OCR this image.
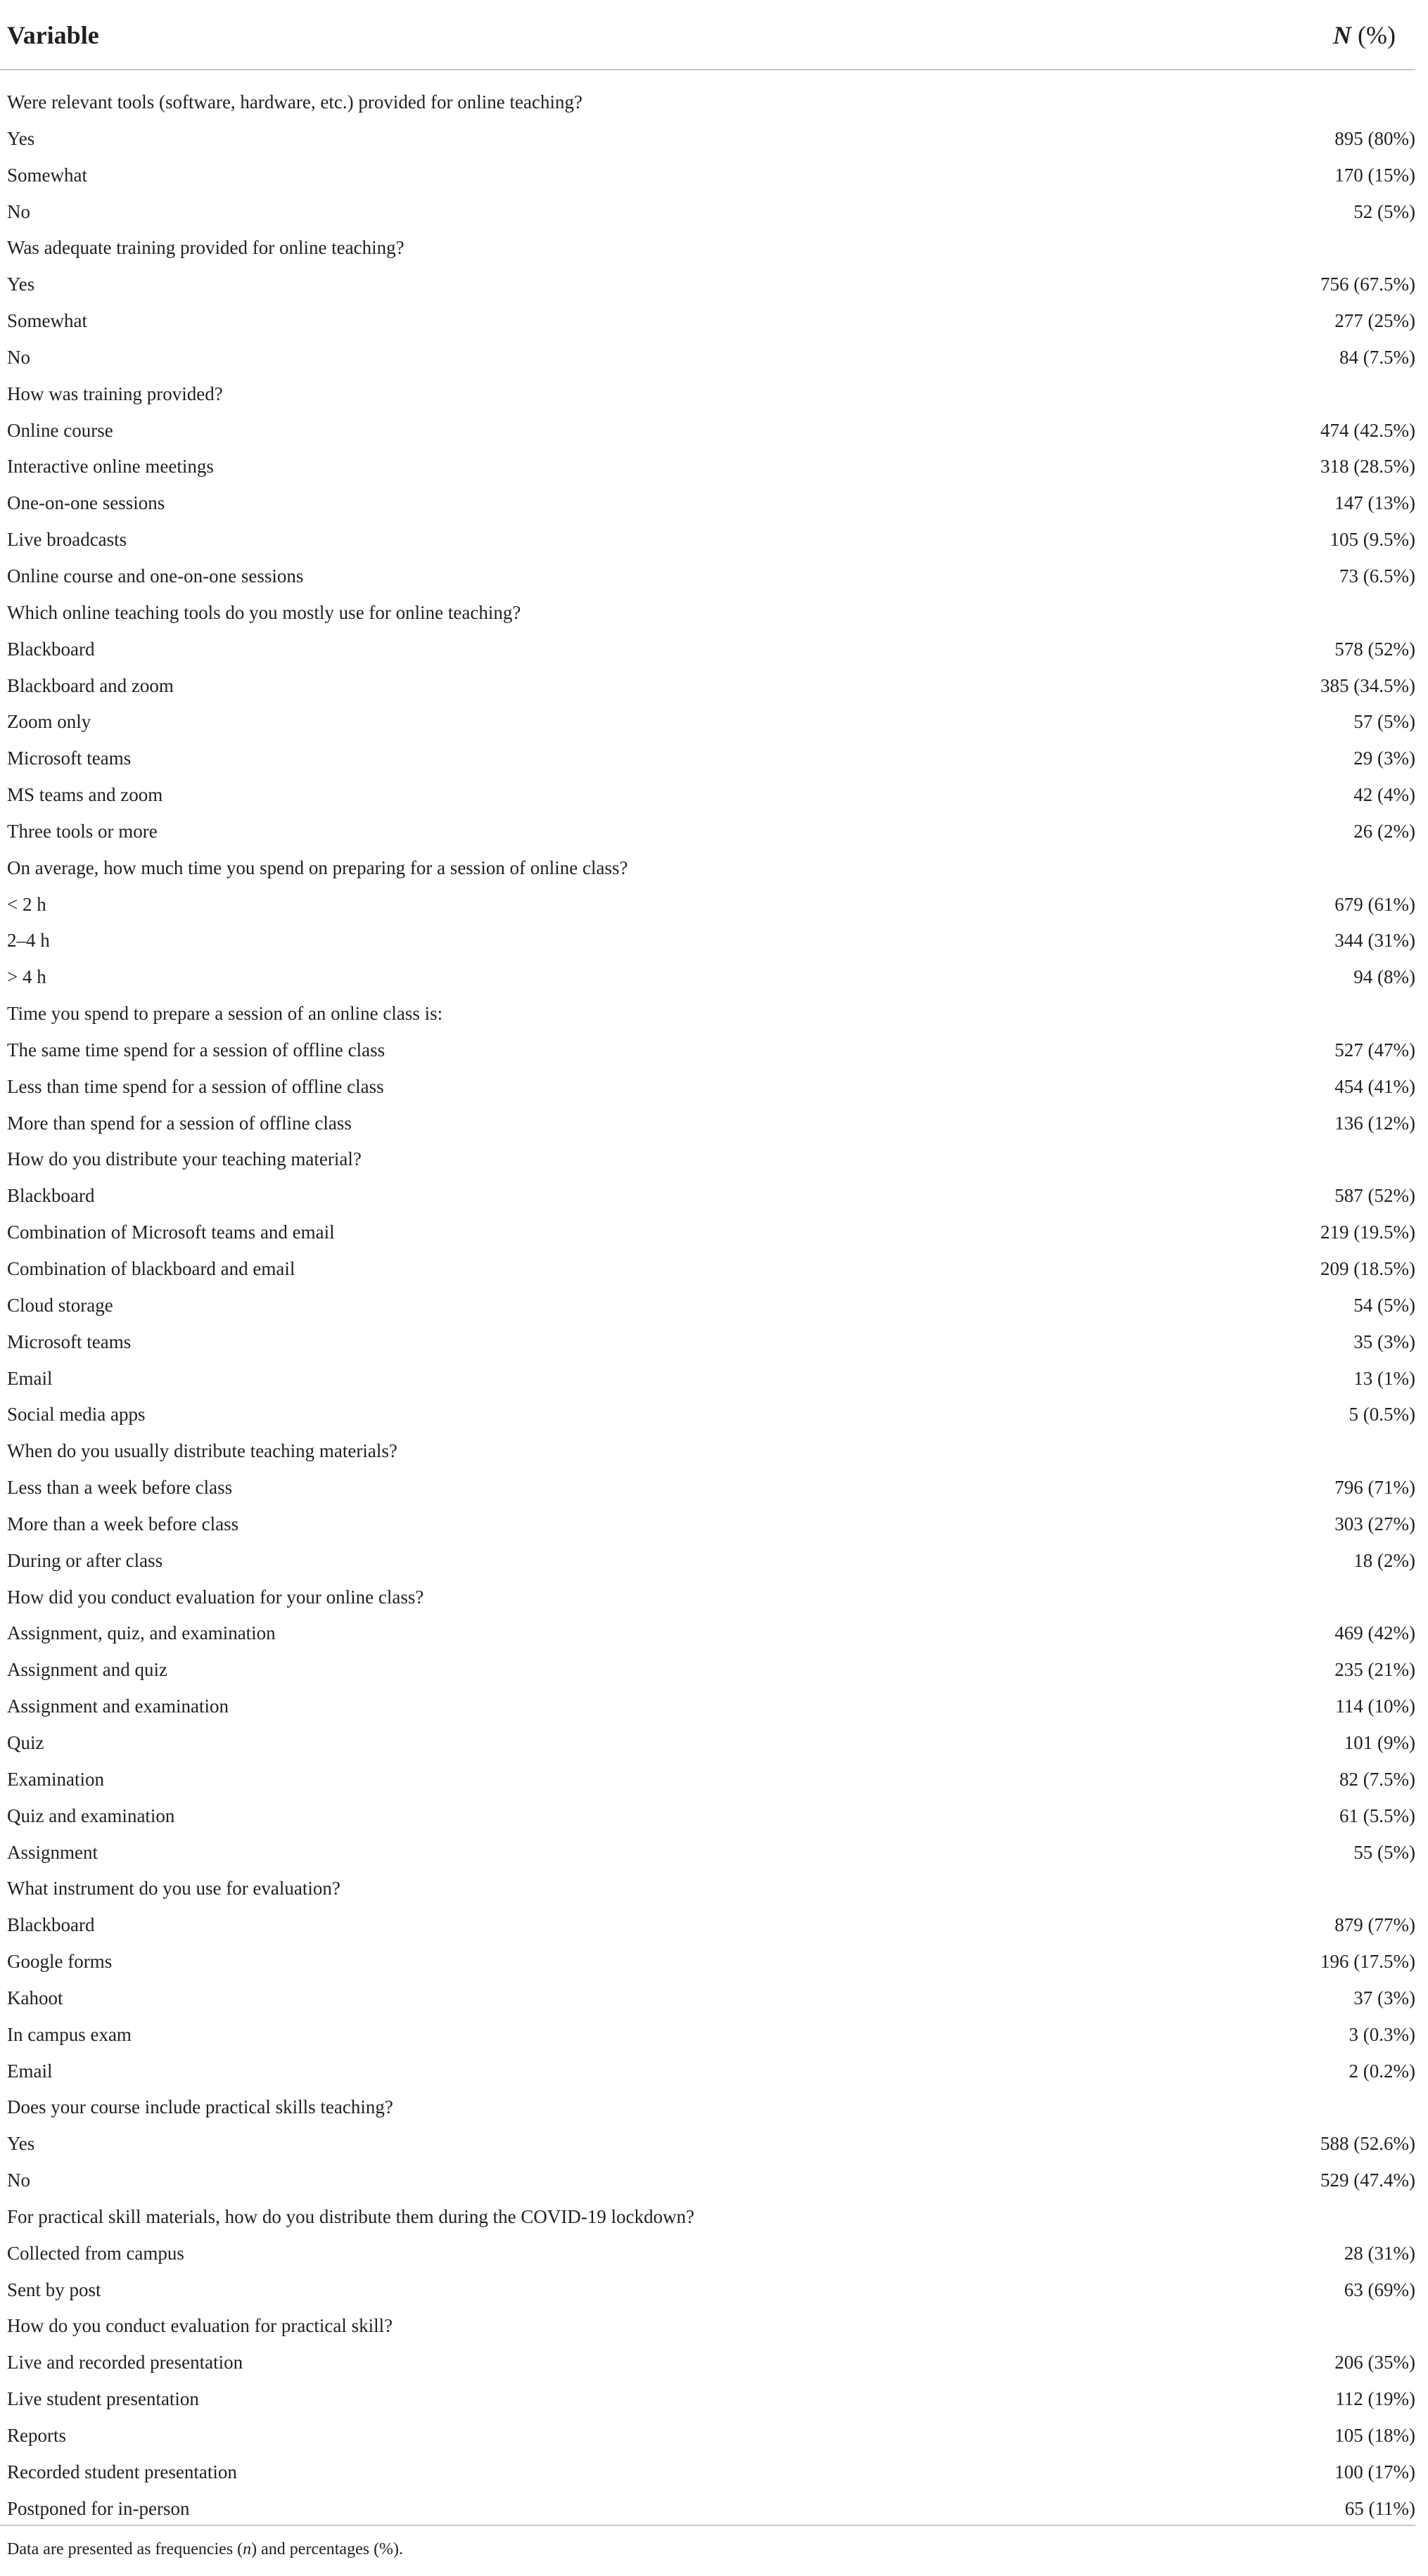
Variable	N (%)
Were relevant tools (software, hardware, etc.) provided for online teaching?
Yes	895 (80%)
Somewhat	170 (15%)
No	52 (5%)
Was adequate training provided for online teaching?
Yes	756 (67.5%)
Somewhat	277 (25%)
No	84 (7.5%)
How was training provided?
Online course	474 (42.5%)
Interactive online meetings	318 (28.5%)
One-on-one sessions	147 (13%)
Live broadcasts	105 (9.5%)
Online course and one-on-one sessions	73 (6.5%)
Which online teaching tools do you mostly use for online teaching?
Blackboard	578 (52%)
Blackboard and zoom	385 (34.5%)
Zoom only	57 (5%)
Microsoft teams	29 (3%)
MS teams and zoom	42 (4%)
Three tools or more	26 (2%)
On average, how much time you spend on preparing for a session of online class?
< 2 h	679 (61%)
2–4 h	344 (31%)
> 4 h	94 (8%)
Time you spend to prepare a session of an online class is:
The same time spend for a session of offline class	527 (47%)
Less than time spend for a session of offline class	454 (41%)
More than spend for a session of offline class	136 (12%)
How do you distribute your teaching material?
Blackboard	587 (52%)
Combination of Microsoft teams and email	219 (19.5%)
Combination of blackboard and email	209 (18.5%)
Cloud storage	54 (5%)
Microsoft teams	35 (3%)
Email	13 (1%)
Social media apps	5 (0.5%)
When do you usually distribute teaching materials?
Less than a week before class	796 (71%)
More than a week before class	303 (27%)
During or after class	18 (2%)
How did you conduct evaluation for your online class?
Assignment, quiz, and examination	469 (42%)
Assignment and quiz	235 (21%)
Assignment and examination	114 (10%)
Quiz	101 (9%)
Examination	82 (7.5%)
Quiz and examination	61 (5.5%)
Assignment	55 (5%)
What instrument do you use for evaluation?
Blackboard	879 (77%)
Google forms	196 (17.5%)
Kahoot	37 (3%)
In campus exam	3 (0.3%)
Email	2 (0.2%)
Does your course include practical skills teaching?
Yes	588 (52.6%)
No	529 (47.4%)
For practical skill materials, how do you distribute them during the COVID-19 lockdown?
Collected from campus	28 (31%)
Sent by post	63 (69%)
How do you conduct evaluation for practical skill?
Live and recorded presentation	206 (35%)
Live student presentation	112 (19%)
Reports	105 (18%)
Recorded student presentation	100 (17%)
Postponed for in-person	65 (11%)
Data are presented as frequencies (n) and percentages (%).
